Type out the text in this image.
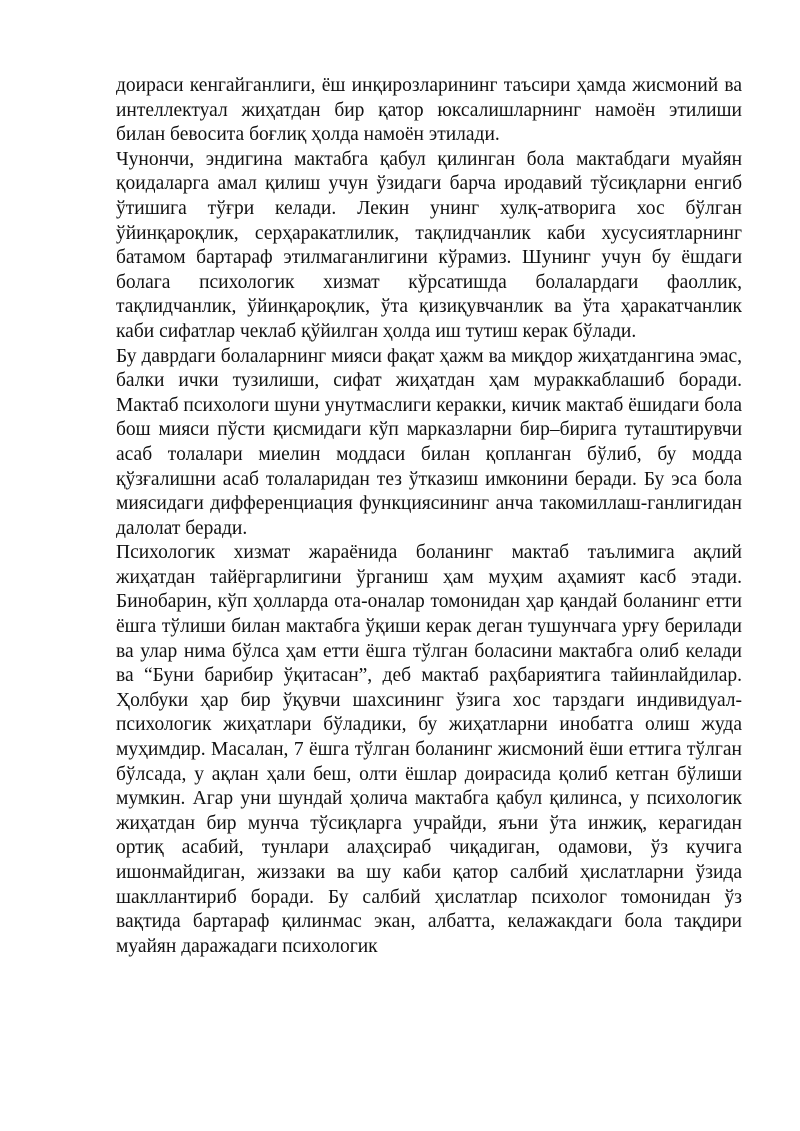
доираси кенгайганлиги, ёш инқирозларининг таъсири ҳамда жисмоний ва интеллектуал жиҳатдан бир қатор юксалишларнинг намоён этилиши билан бевосита боғлиқ ҳолда намоён этилади.

Чунончи, эндигина мактабга қабул қилинган бола мактабдаги муайян қоидаларга амал қилиш учун ўзидаги барча иродавий тўсиқларни енгиб ўтишига тўғри келади. Лекин унинг хулқ-атворига хос бўлган ўйинқароқлик, серҳаракатлилик, тақлидчанлик каби хусусиятларнинг батамом бартараф этилмаганлигини кўрамиз. Шунинг учун бу ёшдаги болага психологик хизмат кўрсатишда болалардаги фаоллик, тақлидчанлик, ўйинқароқлик, ўта қизиқувчанлик ва ўта ҳаракатчанлик каби сифатлар чеклаб қўйилган ҳолда иш тутиш керак бўлади.

Бу даврдаги болаларнинг мияси фақат ҳажм ва миқдор жиҳатдангина эмас, балки ички тузилиши, сифат жиҳатдан ҳам мураккаблашиб боради. Мактаб психологи шуни унутмаслиги керакки, кичик мактаб ёшидаги бола бош мияси пўсти қисмидаги кўп марказларни бир–бирига туташтирувчи асаб толалари миелин моддаси билан қопланган бўлиб, бу модда қўзғалишни асаб толаларидан тез ўтказиш имконини беради. Бу эса бола миясидаги дифференциация функциясининг анча такомиллаш-ганлигидан далолат беради.

Психологик хизмат жараёнида боланинг мактаб таълимига ақлий жиҳатдан тайёргарлигини ўрганиш ҳам муҳим аҳамият касб этади. Бинобарин, кўп ҳолларда ота-оналар томонидан ҳар қандай боланинг етти ёшга тўлиши билан мактабга ўқиши керак деган тушунчага урғу берилади ва улар нима бўлса ҳам етти ёшга тўлган боласини мактабга олиб келади ва “Буни барибир ўқитасан”, деб мактаб раҳбариятига тайинлайдилар. Ҳолбуки ҳар бир ўқувчи шахсининг ўзига хос тарздаги индивидуал-психологик жиҳатлари бўладики, бу жиҳатларни инобатга олиш жуда муҳимдир. Масалан, 7 ёшга тўлган боланинг жисмоний ёши еттига тўлган бўлсада, у ақлан ҳали беш, олти ёшлар доирасида қолиб кетган бўлиши мумкин. Агар уни шундай ҳолича мактабга қабул қилинса, у психологик жиҳатдан бир мунча тўсиқларга учрайди, яъни ўта инжиқ, керагидан ортиқ асабий, тунлари алаҳсираб чиқадиган, одамови, ўз кучига ишонмайдиган, жиззаки ва шу каби қатор салбий ҳислатларни ўзида шакллантириб боради. Бу салбий ҳислатлар психолог томонидан ўз вақтида бартараф қилинмас экан, албатта, келажакдаги бола тақдири муайян даражадаги психологик
